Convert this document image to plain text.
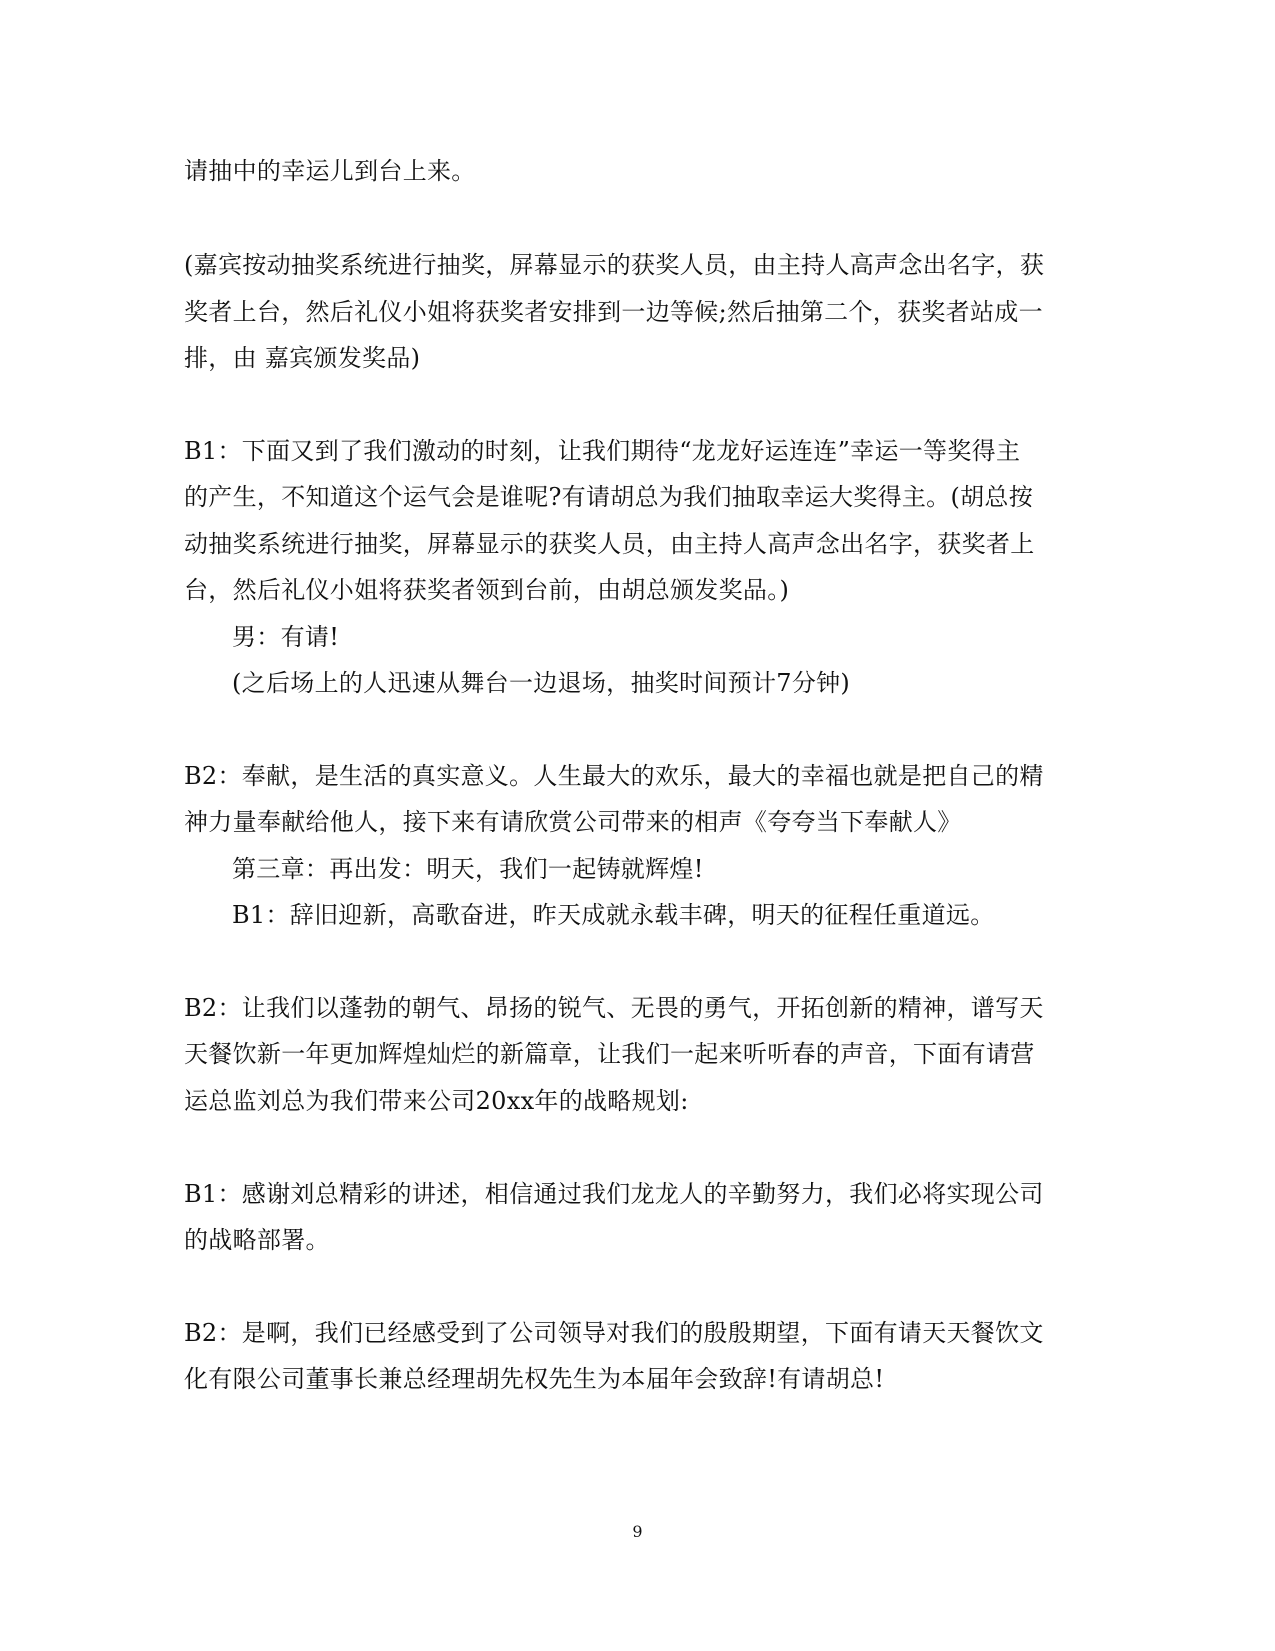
请抽中的幸运儿到台上来。
(嘉宾按动抽奖系统进行抽奖，屏幕显示的获奖人员，由主持人高声念出名字，获
奖者上台，然后礼仪小姐将获奖者安排到一边等候;然后抽第二个，获奖者站成一
排，由 嘉宾颁发奖品)
B1：下面又到了我们激动的时刻，让我们期待“龙龙好运连连”幸运一等奖得主
的产生，不知道这个运气会是谁呢?有请胡总为我们抽取幸运大奖得主。(胡总按
动抽奖系统进行抽奖，屏幕显示的获奖人员，由主持人高声念出名字，获奖者上
台，然后礼仪小姐将获奖者领到台前，由胡总颁发奖品。)
男：有请!
(之后场上的人迅速从舞台一边退场，抽奖时间预计7分钟)
B2：奉献，是生活的真实意义。人生最大的欢乐，最大的幸福也就是把自己的精
神力量奉献给他人，接下来有请欣赏公司带来的相声《夸夸当下奉献人》
第三章：再出发：明天，我们一起铸就辉煌!
B1：辞旧迎新，高歌奋进，昨天成就永载丰碑，明天的征程任重道远。
B2：让我们以蓬勃的朝气、昂扬的锐气、无畏的勇气，开拓创新的精神，谱写天
天餐饮新一年更加辉煌灿烂的新篇章，让我们一起来听听春的声音，下面有请营
运总监刘总为我们带来公司20xx年的战略规划:
B1：感谢刘总精彩的讲述，相信通过我们龙龙人的辛勤努力，我们必将实现公司
的战略部署。
B2：是啊，我们已经感受到了公司领导对我们的殷殷期望，下面有请天天餐饮文
化有限公司董事长兼总经理胡先权先生为本届年会致辞!有请胡总!
9
